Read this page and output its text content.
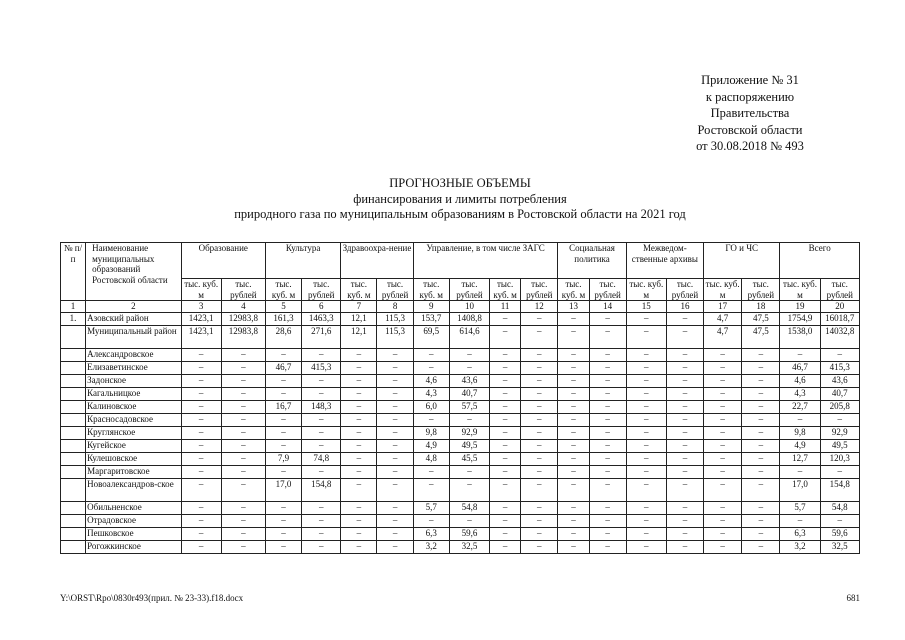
Приложение № 31
к распоряжению
Правительства
Ростовской области
от 30.08.2018 № 493
ПРОГНОЗНЫЕ ОБЪЕМЫ
финансирования и лимиты потребления
природного газа по муниципальным образованиям в Ростовской области на 2021 год
№ п/п	Наименование муниципальных образований Ростовской области	Образование		Культура		Здравоохра-нение		Управление, в том числе ЗАГС				Социальная политика		Межведом-ственные архивы		ГО и ЧС		Всего	
		тыс. куб. м	тыс. рублей	тыс. куб. м	тыс. рублей	тыс. куб. м	тыс. рублей	тыс. куб. м	тыс. рублей	тыс. куб. м	тыс. рублей	тыс. куб. м	тыс. рублей	тыс. куб. м	тыс. рублей	тыс. куб. м	тыс. рублей	тыс. куб. м	тыс. рублей
1	2	3	4	5	6	7	8	9	10	11	12	13	14	15	16	17	18	19	20
1.	Азовский район	1423,1	12983,8	161,3	1463,3	12,1	115,3	153,7	1408,8	–	–	–	–	–	–	4,7	47,5	1754,9	16018,7
	Муниципальный район	1423,1	12983,8	28,6	271,6	12,1	115,3	69,5	614,6	–	–	–	–	–	–	4,7	47,5	1538,0	14032,8
	Александровское	–	–	–	–	–	–	–	–	–	–	–	–	–	–	–	–	–	–
	Елизаветинское	–	–	46,7	415,3	–	–	–	–	–	–	–	–	–	–	–	–	46,7	415,3
	Задонское	–	–	–	–	–	–	4,6	43,6	–	–	–	–	–	–	–	–	4,6	43,6
	Кагальницкое	–	–	–	–	–	–	4,3	40,7	–	–	–	–	–	–	–	–	4,3	40,7
	Калиновское	–	–	16,7	148,3	–	–	6,0	57,5	–	–	–	–	–	–	–	–	22,7	205,8
	Красносадовское	–	–	–	–	–	–	–	–	–	–	–	–	–	–	–	–	–	–
	Круглянское	–	–	–	–	–	–	9,8	92,9	–	–	–	–	–	–	–	–	9,8	92,9
	Кугейское	–	–	–	–	–	–	4,9	49,5	–	–	–	–	–	–	–	–	4,9	49,5
	Кулешовское	–	–	7,9	74,8	–	–	4,8	45,5	–	–	–	–	–	–	–	–	12,7	120,3
	Маргаритовское	–	–	–	–	–	–	–	–	–	–	–	–	–	–	–	–	–	–
	Новоалександров-ское	–	–	17,0	154,8	–	–	–	–	–	–	–	–	–	–	–	–	17,0	154,8
	Обильненское	–	–	–	–	–	–	5,7	54,8	–	–	–	–	–	–	–	–	5,7	54,8
	Отрадовское	–	–	–	–	–	–	–	–	–	–	–	–	–	–	–	–	–	–
	Пешковское	–	–	–	–	–	–	6,3	59,6	–	–	–	–	–	–	–	–	6,3	59,6
	Рогожкинское	–	–	–	–	–	–	3,2	32,5	–	–	–	–	–	–	–	–	3,2	32,5
Y:\ORST\Rpo\0830r493(прил. № 23-33).f18.docx	681
